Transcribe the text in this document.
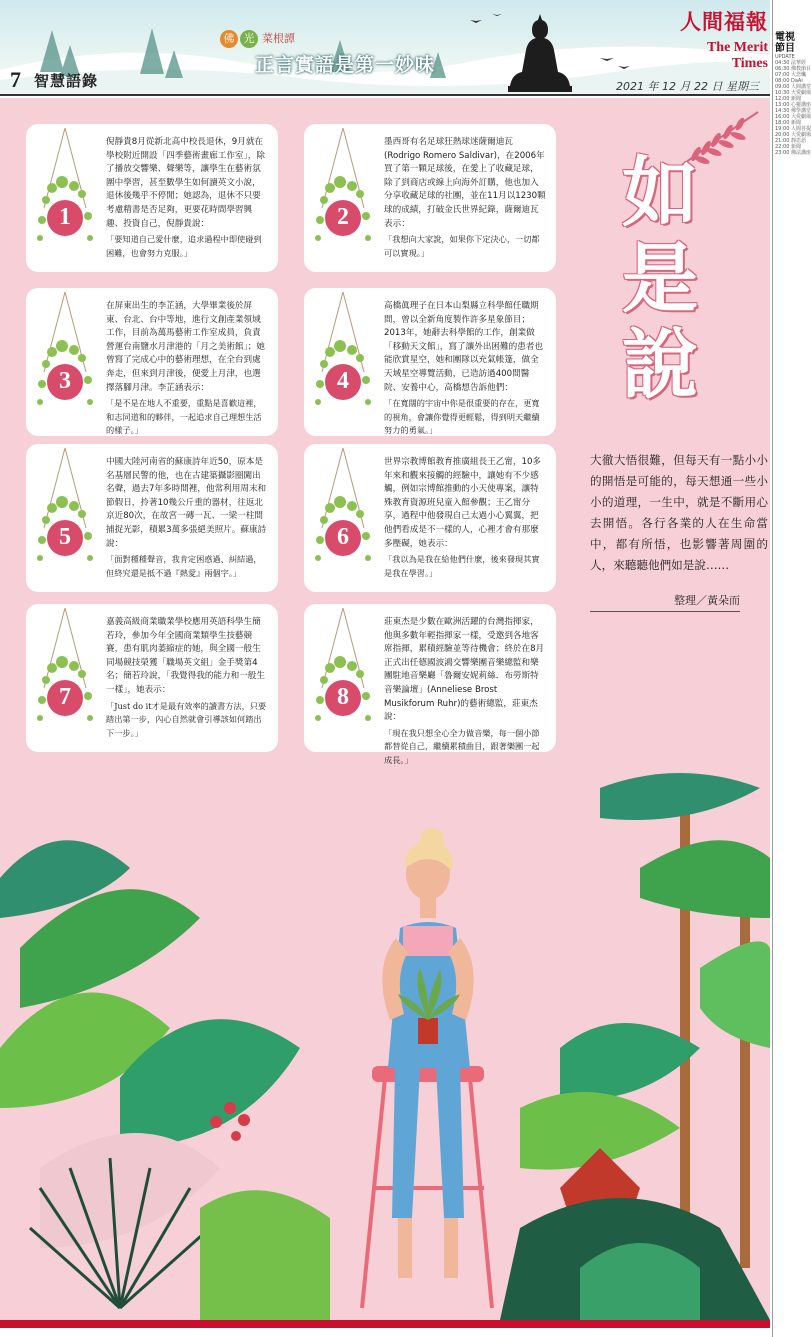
7 智慧語錄
佛 光 菜根譚
正言實語是第一妙味
人間福報
The Merit Times
2021 年 12 月 22 日 星期三
1
倪靜貴8月從新北高中校長退休，9月就在學校附近開設「四季藝術畫廊工作室」，除了播放交響樂、聲樂等，讓學生在藝術氛圍中學習，甚至數學生如何讀英文小說，退休後幾乎不停閒；她認為，退休不只要考慮精書是否足夠，更要花時間學習興趣、投資自己，倪靜貴說：
「要知道自己愛什麼，追求過程中即使碰到困難，也會努力克服。」
2
墨西哥有名足球狂熱球迷薩爾迪瓦(Rodrigo Romero Saldivar)，在2006年買了第一顆足球後，在愛上了收藏足球，除了到商店或線上向海外訂購，他也加入分享收藏足球的社團，並在11月以1230顆球的成績，打破金氏世界紀錄，薩爾迪瓦表示：
「我想向大家說，如果你下定決心，一切都可以實現。」
3
在屏東出生的李芷涵，大學畢業後於屏東、台北、台中等地，進行文創產業領域工作，目前為萬馬藝術工作室成員，負責營運台南鹽水月津港的「月之美術館」；她曾寫了完成心中的藝術理想，在全台到處奔走，但來到月津後，便愛上月津，也選擇落腳月津。李芷涵表示：
「是不是在地人不重要，重點是喜歡這裡，和志同道和的夥伴，一起追求自己理想生活的樣子。」
4
高橋眞理子在日本山梨縣立科學館任職期間，曾以全新角度製作許多星象節目；2013年，她辭去科學館的工作，創業做「移動天文館」，寫了讓外出困難的患者也能欣賞星空，她和團隊以充氣帳篷，做全天域星空導覽活動，已造訪過400間醫院、安養中心，高橋想告訴他們：
「在寬闊的宇宙中你是很重要的存在，更寬的視角，會讓你覺得更輕鬆，得到明天繼續努力的勇氣。」
5
中國大陸河南省的蘇康詩年近50，原本是名基層民警的他，也在古建築攝影圈闖出名聲，過去7年多時間裡，他常利用周末和節假日，拎著10幾公斤重的器材，往返北京近80次，在故宮一磚一瓦、一梁一柱間捕捉光影，積累3萬多張絕美照片。蘇康詩說：
「面對種種聲音，我肯定困惑過、糾結過，但終究還是抵不過『熱愛』兩個字。」
6
世界宗教博館教育推廣組長王乙甯，10多年來和觀來接觸的經驗中，讓她有不少感觸，例如宗博館推動的小天使專案，讓特殊教育資源班兒童入館參觀；王乙甯分享，過程中他發現自己太過小心翼翼，把他們看成是不一樣的人，心裡才會有那麼多壓礙，她表示：
「我以為是我在給他們什麼，後來發現其實是我在學習。」
7
嘉義高級商業職業學校應用英語科學生簡若玲，參加今年全國商業類學生技藝競賽，患有肌肉萎縮症的她，與全國一般生同場競技榮獲「職場英文組」金手獎第4名；簡若玲說，「我覺得我的能力和一般生一樣」，她表示：
「Just do it才是最有效率的讀書方法，只要踏出第一步，內心自然就會引導該如何踏出下一步。」
8
莊東杰是少數在歐洲活躍的台灣指揮家，他與多數年輕指揮家一樣，受邀到各地客席指揮，累積經驗並等待機會；終於在8月正式出任德國波鴻交響樂團音樂總監和樂團駐地音樂廳「魯爾安妮莉絲．布勞斯特音樂論壇」(Anneliese Brost Musikforum Ruhr)的藝術總監，莊東杰說：
「現在我只想全心全力做音樂，每一個小節都替從自己，繼續累積曲目，跟著樂團一起成長。」
如是說
大徹大悟很難，但每天有一點小小的開悟是可能的，每天想通一些小小的道理，一生中，就是不斷用心去開悟。各行各業的人在生命當中，都有所悟，也影響著周圍的人，來聽聽他們如是說……
整理／黃朵而
電視節目
UPDATE
04:30 法華經
06:30 佛教節目
07:00 大悲懺
08:00 DaAi
09:00 人間講堂
10:30 大愛劇場
12:00 新聞
13:00 心靈講座
14:30 佛學講堂
16:00 大愛劇場
18:00 新聞
19:00 人間菩提
20:00 大愛劇場
21:00 靜思語
22:00 新聞
23:00 佛法講座
